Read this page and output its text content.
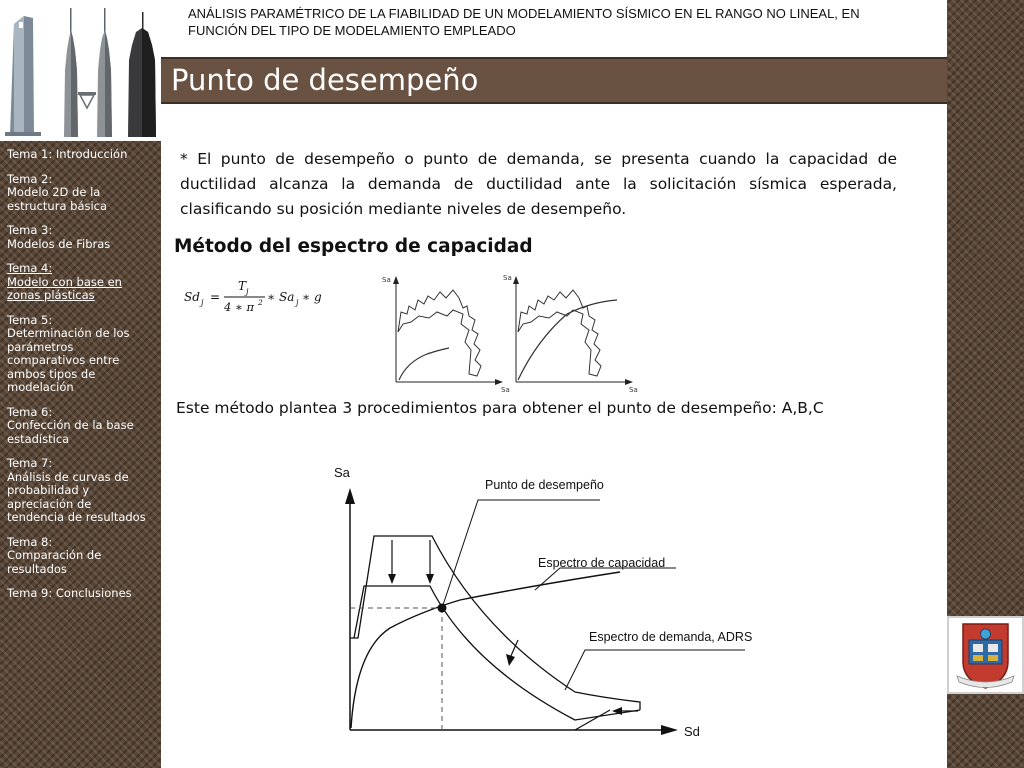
Tema 1: Introducción
Tema 2:
Modelo 2D de la
estructura básica
Tema 3:
Modelos de Fibras
Tema 4:
Modelo con base en
zonas plásticas
Tema 5:
Determinación de los
parámetros
comparativos entre
ambos tipos de
modelación
Tema 6:
Confección de la base
estadística
Tema 7:
Análisis de curvas de
probabilidad y
apreciación de
tendencia de resultados
Tema 8:
Comparación de
resultados
Tema 9: Conclusiones
ANÁLISIS PARAMÉTRICO DE LA FIABILIDAD DE UN MODELAMIENTO SÍSMICO EN EL RANGO NO LINEAL, EN
FUNCIÓN DEL TIPO DE MODELAMIENTO EMPLEADO
Punto de desempeño
* El punto de desempeño o punto de demanda, se presenta cuando la capacidad de ductilidad alcanza la demanda de ductilidad ante la solicitación sísmica esperada, clasificando su posición mediante niveles de desempeño.
Método del espectro de capacidad
Sd j =
T j
4 ∗ π 2 ∗ Sa j ∗ g
Sa
Sa
Sa
Sa
Este método plantea 3 procedimientos para obtener el punto de desempeño: A,B,C
Sa
Sd
Punto de desempeño
Espectro de capacidad
Espectro de demanda, ADRS
